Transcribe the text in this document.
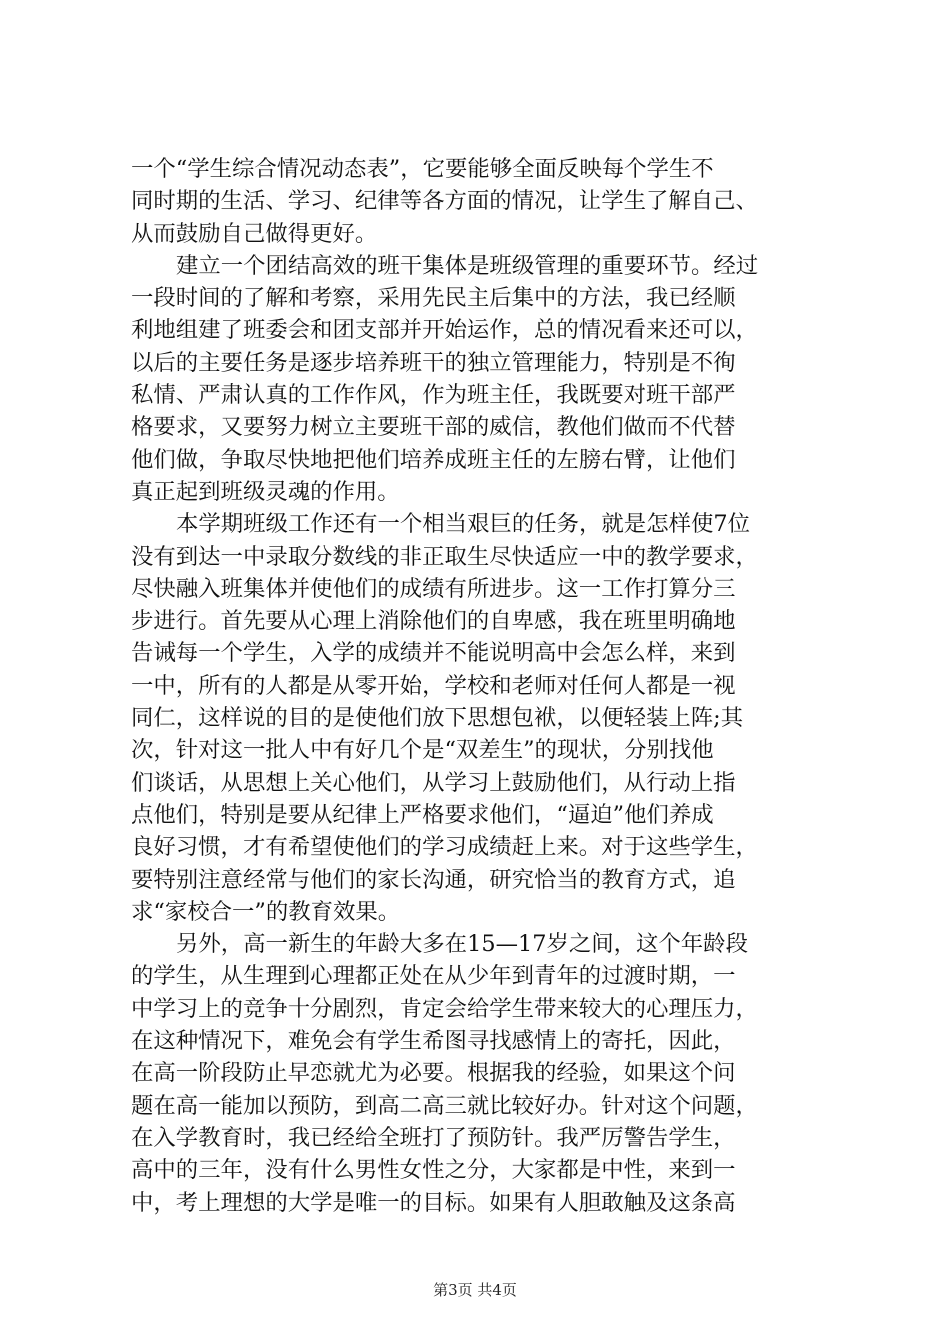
一个“学生综合情况动态表”，它要能够全面反映每个学生不
同时期的生活、学习、纪律等各方面的情况，让学生了解自己、
从而鼓励自己做得更好。
建立一个团结高效的班干集体是班级管理的重要环节。经过
一段时间的了解和考察，采用先民主后集中的方法，我已经顺
利地组建了班委会和团支部并开始运作，总的情况看来还可以，
以后的主要任务是逐步培养班干的独立管理能力，特别是不徇
私情、严肃认真的工作作风，作为班主任，我既要对班干部严
格要求，又要努力树立主要班干部的威信，教他们做而不代替
他们做，争取尽快地把他们培养成班主任的左膀右臂，让他们
真正起到班级灵魂的作用。
本学期班级工作还有一个相当艰巨的任务，就是怎样使7位
没有到达一中录取分数线的非正取生尽快适应一中的教学要求，
尽快融入班集体并使他们的成绩有所进步。这一工作打算分三
步进行。首先要从心理上消除他们的自卑感，我在班里明确地
告诫每一个学生，入学的成绩并不能说明高中会怎么样，来到
一中，所有的人都是从零开始，学校和老师对任何人都是一视
同仁，这样说的目的是使他们放下思想包袱，以便轻装上阵;其
次，针对这一批人中有好几个是“双差生”的现状，分别找他
们谈话，从思想上关心他们，从学习上鼓励他们，从行动上指
点他们，特别是要从纪律上严格要求他们，“逼迫”他们养成
良好习惯，才有希望使他们的学习成绩赶上来。对于这些学生，
要特别注意经常与他们的家长沟通，研究恰当的教育方式，追
求“家校合一”的教育效果。
另外，高一新生的年龄大多在15—17岁之间，这个年龄段
的学生，从生理到心理都正处在从少年到青年的过渡时期，一
中学习上的竞争十分剧烈，肯定会给学生带来较大的心理压力，
在这种情况下，难免会有学生希图寻找感情上的寄托，因此，
在高一阶段防止早恋就尤为必要。根据我的经验，如果这个问
题在高一能加以预防，到高二高三就比较好办。针对这个问题，
在入学教育时，我已经给全班打了预防针。我严厉警告学生，
高中的三年，没有什么男性女性之分，大家都是中性，来到一
中，考上理想的大学是唯一的目标。如果有人胆敢触及这条高
第3页 共4页
